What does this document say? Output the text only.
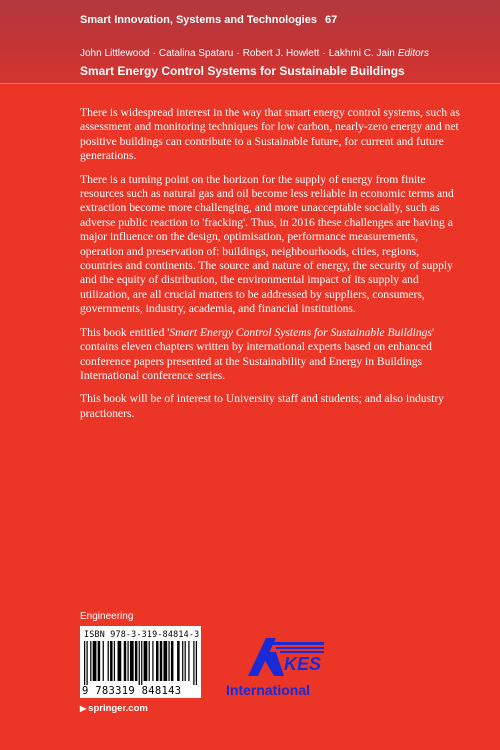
Smart Innovation, Systems and Technologies 67
John Littlewood · Catalina Spataru · Robert J. Howlett · Lakhmi C. Jain Editors
Smart Energy Control Systems for Sustainable Buildings

There is widespread interest in the way that smart energy control systems, such as assessment and monitoring techniques for low carbon, nearly-zero energy and net positive buildings can contribute to a Sustainable future, for current and future generations.

There is a turning point on the horizon for the supply of energy from finite resources such as natural gas and oil become less reliable in economic terms and extraction become more challenging, and more unacceptable socially, such as adverse public reaction to 'fracking'. Thus, in 2016 these challenges are having a major influence on the design, optimisation, performance measurements, operation and preservation of: buildings, neighbourhoods, cities, regions, countries and continents. The source and nature of energy, the security of supply and the equity of distribution, the environmental impact of its supply and utilization, are all crucial matters to be addressed by suppliers, consumers, governments, industry, academia, and financial institutions.

This book entitled 'Smart Energy Control Systems for Sustainable Buildings' contains eleven chapters written by international experts based on enhanced conference papers presented at the Sustainability and Energy in Buildings International conference series.

This book will be of interest to University staff and students; and also industry practioners.

Engineering
ISBN 978-3-319-84814-3
9 783319 848143
▶ springer.com
KES
International
